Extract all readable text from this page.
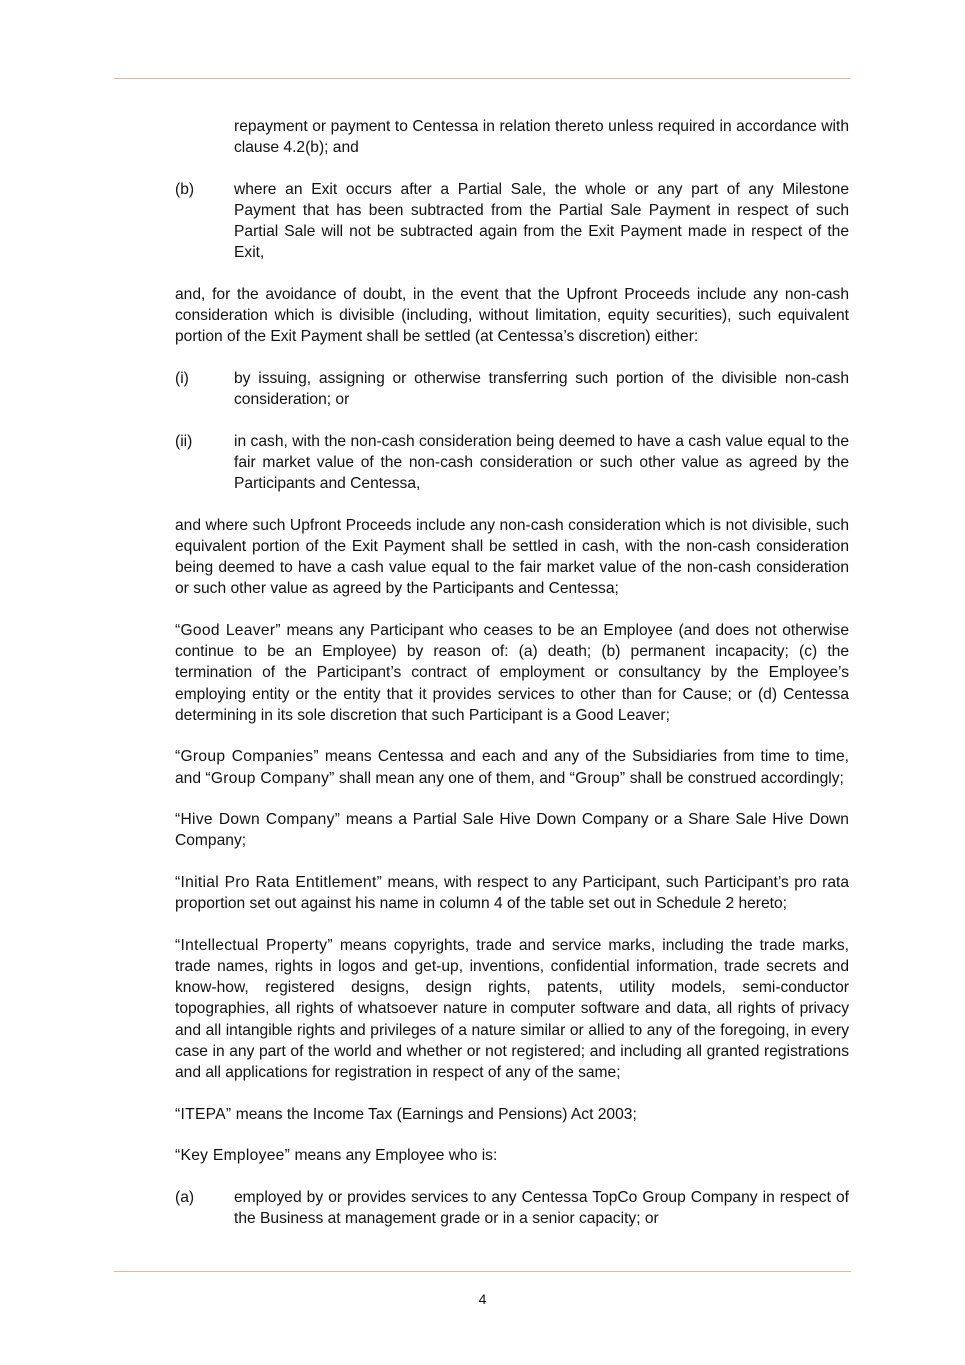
repayment or payment to Centessa in relation thereto unless required in accordance with clause 4.2(b); and

(b)	where an Exit occurs after a Partial Sale, the whole or any part of any Milestone Payment that has been subtracted from the Partial Sale Payment in respect of such Partial Sale will not be subtracted again from the Exit Payment made in respect of the Exit,

and, for the avoidance of doubt, in the event that the Upfront Proceeds include any non-cash consideration which is divisible (including, without limitation, equity securities), such equivalent portion of the Exit Payment shall be settled (at Centessa’s discretion) either:

(i)	by issuing, assigning or otherwise transferring such portion of the divisible non-cash consideration; or
(ii)	in cash, with the non-cash consideration being deemed to have a cash value equal to the fair market value of the non-cash consideration or such other value as agreed by the Participants and Centessa,

and where such Upfront Proceeds include any non-cash consideration which is not divisible, such equivalent portion of the Exit Payment shall be settled in cash, with the non-cash consideration being deemed to have a cash value equal to the fair market value of the non-cash consideration or such other value as agreed by the Participants and Centessa;

“Good Leaver” means any Participant who ceases to be an Employee (and does not otherwise continue to be an Employee) by reason of: (a) death; (b) permanent incapacity; (c) the termination of the Participant’s contract of employment or consultancy by the Employee’s employing entity or the entity that it provides services to other than for Cause; or (d) Centessa determining in its sole discretion that such Participant is a Good Leaver;

“Group Companies” means Centessa and each and any of the Subsidiaries from time to time, and “Group Company” shall mean any one of them, and “Group” shall be construed accordingly;

“Hive Down Company” means a Partial Sale Hive Down Company or a Share Sale Hive Down Company;

“Initial Pro Rata Entitlement” means, with respect to any Participant, such Participant’s pro rata proportion set out against his name in column 4 of the table set out in Schedule 2 hereto;

“Intellectual Property” means copyrights, trade and service marks, including the trade marks, trade names, rights in logos and get-up, inventions, confidential information, trade secrets and know-how, registered designs, design rights, patents, utility models, semi-conductor topographies, all rights of whatsoever nature in computer software and data, all rights of privacy and all intangible rights and privileges of a nature similar or allied to any of the foregoing, in every case in any part of the world and whether or not registered; and including all granted registrations and all applications for registration in respect of any of the same;

“ITEPA” means the Income Tax (Earnings and Pensions) Act 2003;

“Key Employee” means any Employee who is:

(a)	employed by or provides services to any Centessa TopCo Group Company in respect of the Business at management grade or in a senior capacity; or
4
